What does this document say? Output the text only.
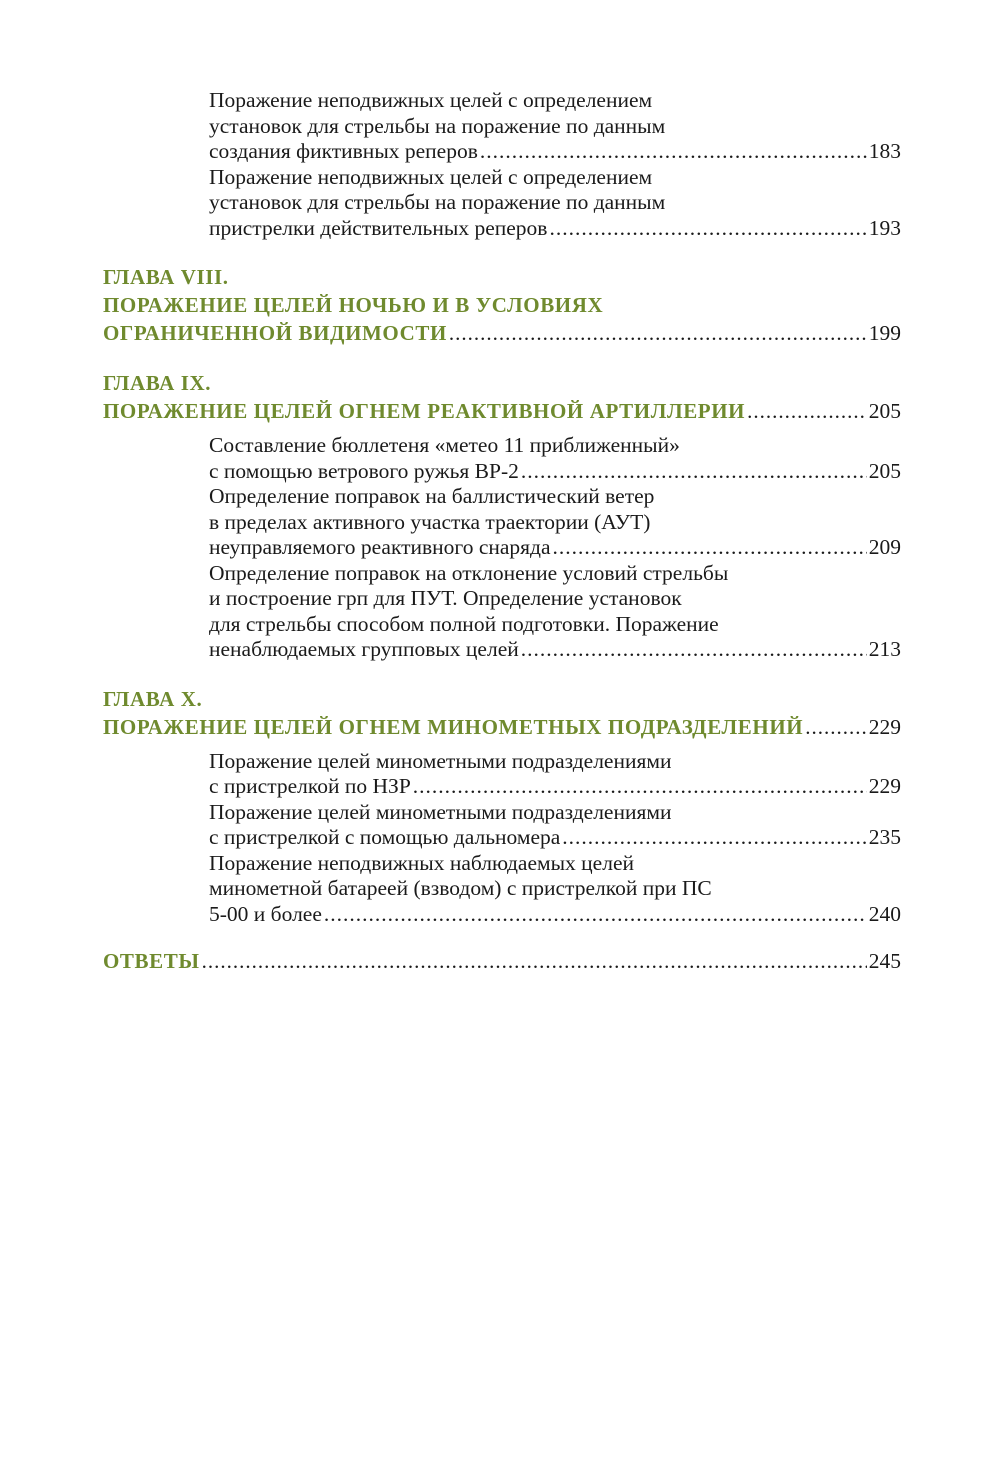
Поражение неподвижных целей с определением
установок для стрельбы на поражение по данным
создания фиктивных реперов .....	183
Поражение неподвижных целей с определением
установок для стрельбы на поражение по данным
пристрелки действительных реперов .....	193
ГЛАВА VIII.
ПОРАЖЕНИЕ ЦЕЛЕЙ НОЧЬЮ И В УСЛОВИЯХ
ОГРАНИЧЕННОЙ ВИДИМОСТИ .....	199
ГЛАВА IX.
ПОРАЖЕНИЕ ЦЕЛЕЙ ОГНЕМ РЕАКТИВНОЙ АРТИЛЛЕРИИ .....	205
Составление бюллетеня «метео 11 приближенный»
с помощью ветрового ружья ВР-2 .....	205
Определение поправок на баллистический ветер
в пределах активного участка траектории (АУТ)
неуправляемого реактивного снаряда .....	209
Определение поправок на отклонение условий стрельбы
и построение грп для ПУТ. Определение установок
для стрельбы способом полной подготовки. Поражение
ненаблюдаемых групповых целей .....	213
ГЛАВА X.
ПОРАЖЕНИЕ ЦЕЛЕЙ ОГНЕМ МИНОМЕТНЫХ ПОДРАЗДЕЛЕНИЙ .....	229
Поражение целей минометными подразделениями
с пристрелкой по НЗР .....	229
Поражение целей минометными подразделениями
с пристрелкой с помощью дальномера .....	235
Поражение неподвижных наблюдаемых целей
минометной батареей (взводом) с пристрелкой при ПС
5-00 и более .....	240
ОТВЕТЫ .....	245
